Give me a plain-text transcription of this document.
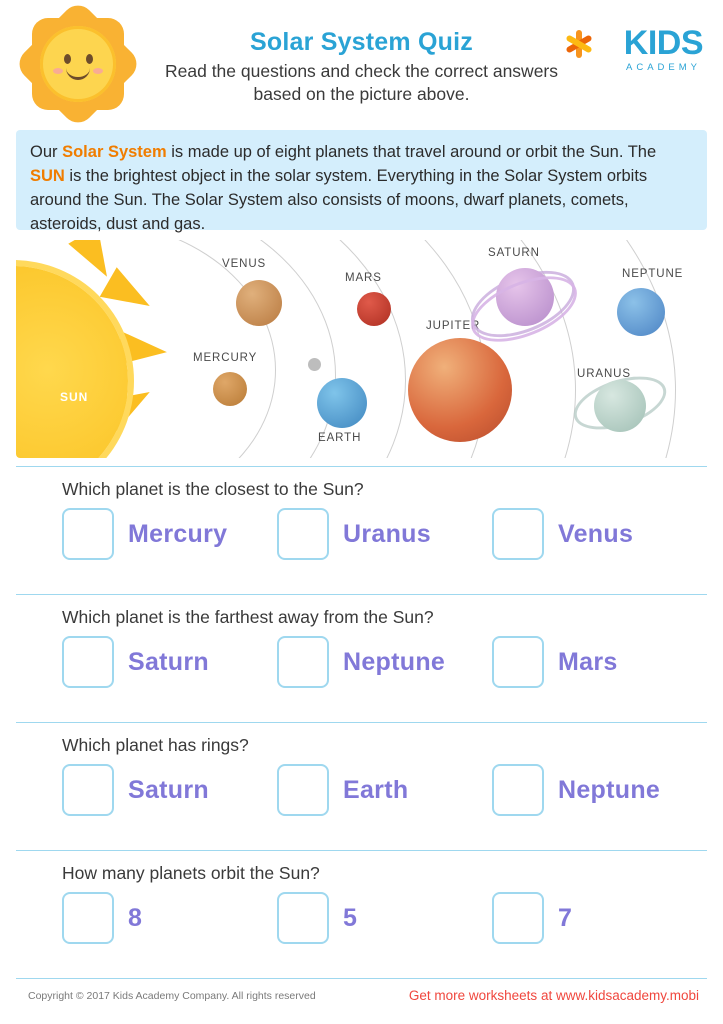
Solar System Quiz
Read the questions and check the correct answers based on the picture above.
KIDS
ACADEMY
Our Solar System is made up of eight planets that travel around or orbit the Sun. The SUN is the brightest object in the solar system. Everything in the Solar System orbits around the Sun. The Solar System also consists of moons, dwarf planets, comets, asteroids, dust and gas.
SUN
MERCURY
VENUS
EARTH
MARS
JUPITER
SATURN
URANUS
NEPTUNE
Which planet is the closest to the Sun?
Mercury	Uranus	Venus
Which planet is the farthest away from the Sun?
Saturn	Neptune	Mars
Which planet has rings?
Saturn	Earth	Neptune
How many planets orbit the Sun?
8	5	7
Copyright © 2017 Kids Academy Company. All rights reserved	Get more worksheets at www.kidsacademy.mobi
